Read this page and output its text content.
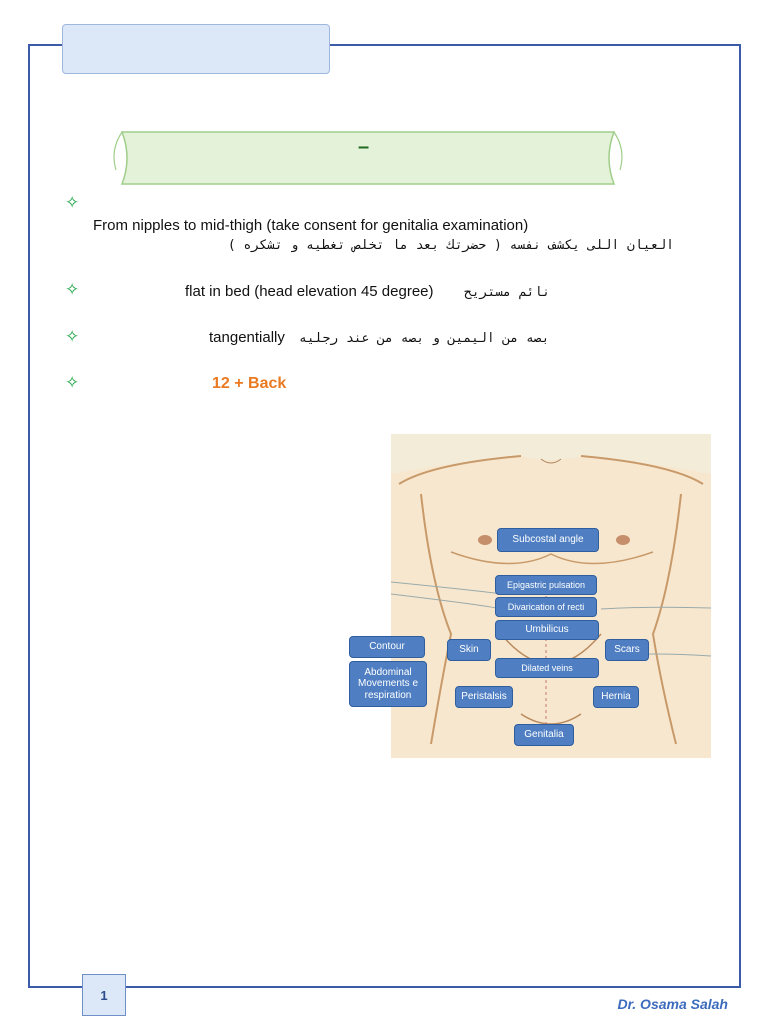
–
✧
From nipples to mid-thigh (take consent for genitalia examination)
العيان اللى يكشف نفسه ( حضرتك بعد ما تخلص تغطيه و تشكره )
✧	flat in bed (head elevation 45 degree) نائم مستريح
✧	tangentially بصه من اليمين و بصه من عند رجليه
✧	12 + Back
Subcostal angle
Epigastric pulsation
Divarication of recti
Umbilicus
Skin	Scars
Dilated veins
Peristalsis	Hernia
Genitalia
Contour
Abdominal Movements e respiration
1
Dr. Osama Salah
